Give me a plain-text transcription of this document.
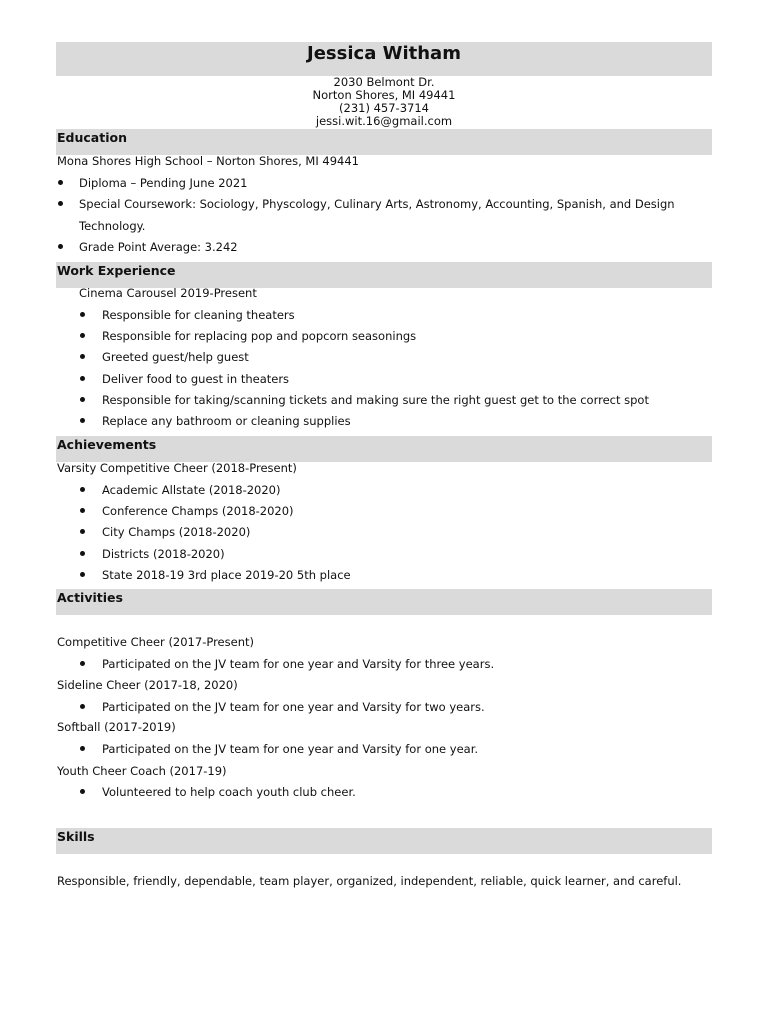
Jessica Witham
2030 Belmont Dr.
Norton Shores, MI 49441
(231) 457-3714
jessi.wit.16@gmail.com
Education
Mona Shores High School – Norton Shores, MI 49441
Diploma – Pending June 2021
Special Coursework: Sociology, Physcology, Culinary Arts, Astronomy, Accounting, Spanish, and Design
Technology.
Grade Point Average: 3.242
Work Experience
Cinema Carousel 2019-Present
Responsible for cleaning theaters
Responsible for replacing pop and popcorn seasonings
Greeted guest/help guest
Deliver food to guest in theaters
Responsible for taking/scanning tickets and making sure the right guest get to the correct spot
Replace any bathroom or cleaning supplies
Achievements
Varsity Competitive Cheer (2018-Present)
Academic Allstate (2018-2020)
Conference Champs (2018-2020)
City Champs (2018-2020)
Districts (2018-2020)
State 2018-19 3rd place 2019-20 5th place
Activities
Competitive Cheer (2017-Present)
Participated on the JV team for one year and Varsity for three years.
Sideline Cheer (2017-18, 2020)
Participated on the JV team for one year and Varsity for two years.
Softball (2017-2019)
Participated on the JV team for one year and Varsity for one year.
Youth Cheer Coach (2017-19)
Volunteered to help coach youth club cheer.
Skills
Responsible, friendly, dependable, team player, organized, independent, reliable, quick learner, and careful.
